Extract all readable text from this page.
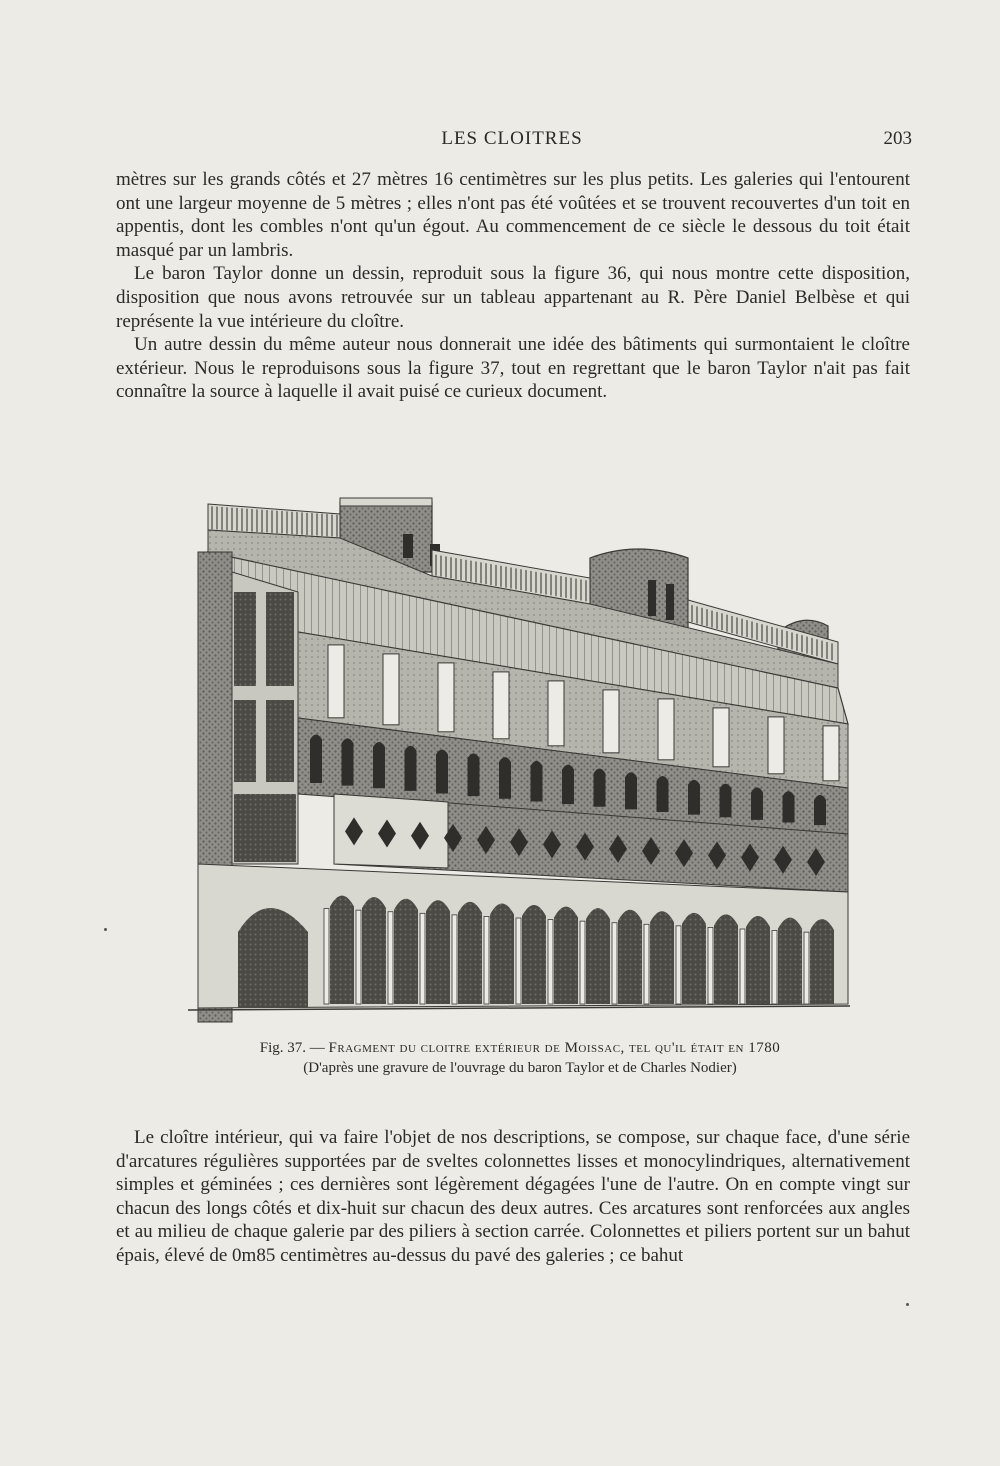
LES CLOITRES	203

mètres sur les grands côtés et 27 mètres 16 centimètres sur les plus petits. Les galeries qui l'entourent ont une largeur moyenne de 5 mètres ; elles n'ont pas été voûtées et se trouvent recouvertes d'un toit en appentis, dont les combles n'ont qu'un égout. Au commencement de ce siècle le dessous du toit était masqué par un lambris.

Le baron Taylor donne un dessin, reproduit sous la figure 36, qui nous montre cette disposition, disposition que nous avons retrouvée sur un tableau appartenant au R. Père Daniel Belbèse et qui représente la vue intérieure du cloître.

Un autre dessin du même auteur nous donnerait une idée des bâtiments qui surmontaient le cloître extérieur. Nous le reproduisons sous la figure 37, tout en regrettant que le baron Taylor n'ait pas fait connaître la source à laquelle il avait puisé ce curieux document.

Fig. 37. — Fragment du cloitre extérieur de Moissac, tel qu'il était en 1780
(D'après une gravure de l'ouvrage du baron Taylor et de Charles Nodier)

Le cloître intérieur, qui va faire l'objet de nos descriptions, se compose, sur chaque face, d'une série d'arcatures régulières supportées par de sveltes colonnettes lisses et monocylindriques, alternativement simples et géminées ; ces dernières sont légèrement dégagées l'une de l'autre. On en compte vingt sur chacun des longs côtés et dix-huit sur chacun des deux autres. Ces arcatures sont renforcées aux angles et au milieu de chaque galerie par des piliers à section carrée. Colonnettes et piliers portent sur un bahut épais, élevé de 0m85 centimètres au-dessus du pavé des galeries ; ce bahut
